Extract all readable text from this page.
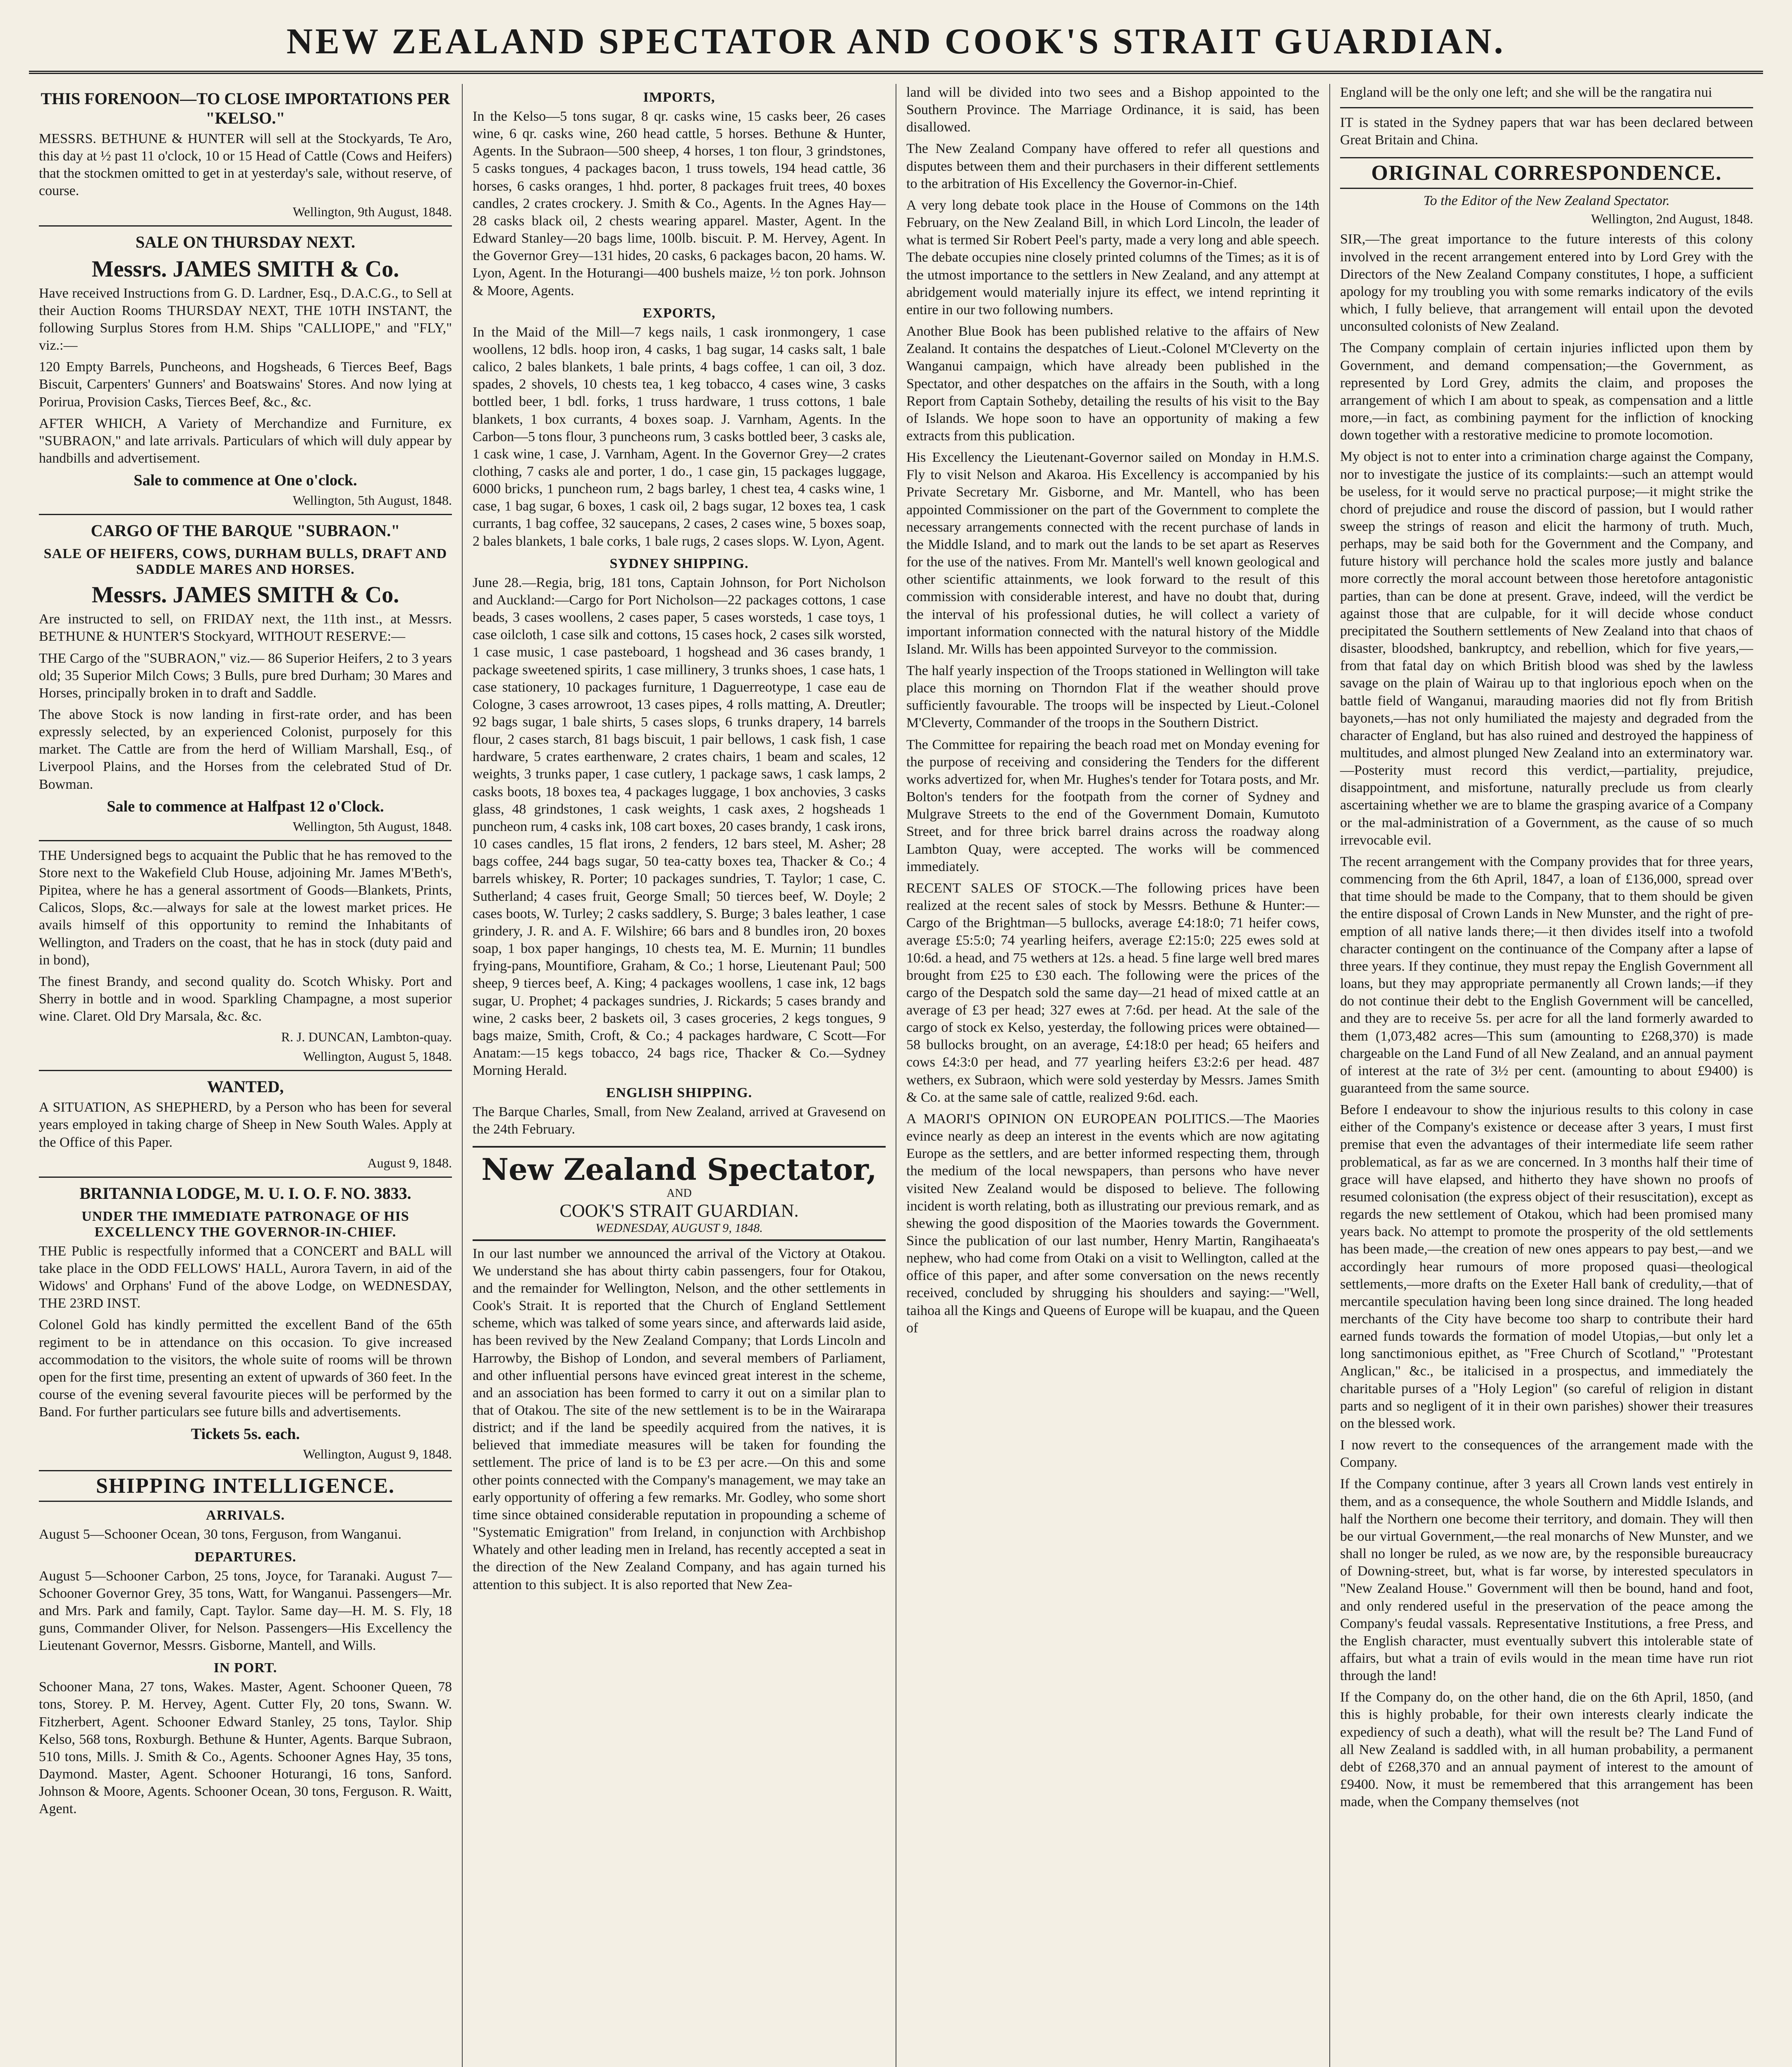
NEW ZEALAND SPECTATOR AND COOK'S STRAIT GUARDIAN.
THIS FORENOON—TO CLOSE IMPORTATIONS PER "KELSO."

MESSRS. BETHUNE & HUNTER will sell at the Stockyards, Te Aro, this day at ½ past 11 o'clock, 10 or 15 Head of Cattle (Cows and Heifers) that the stockmen omitted to get in at yesterday's sale, without reserve, of course.

Wellington, 9th August, 1848.
SALE ON THURSDAY NEXT.
Messrs. JAMES SMITH & Co.

Have received Instructions from G. D. Lardner, Esq., D.A.C.G., to Sell at their Auction Rooms THURSDAY NEXT, THE 10TH INSTANT, the following Surplus Stores from H.M. Ships "CALLIOPE," and "FLY," viz.:—

120 Empty Barrels, Puncheons, and Hogsheads, 6 Tierces Beef, Bags Biscuit, Carpenters' Gunners' and Boatswains' Stores. And now lying at Porirua, Provision Casks, Tierces Beef, &c., &c.

AFTER WHICH, A Variety of Merchandize and Furniture, ex "SUBRAON," and late arrivals. Particulars of which will duly appear by handbills and advertisement.

Sale to commence at One o'clock.
Wellington, 5th August, 1848.
CARGO OF THE BARQUE "SUBRAON."
SALE OF HEIFERS, COWS, DURHAM BULLS, DRAFT AND SADDLE MARES AND HORSES.
Messrs. JAMES SMITH & Co.

Are instructed to sell, on FRIDAY next, the 11th inst., at Messrs. BETHUNE & HUNTER'S Stockyard, WITHOUT RESERVE:—

THE Cargo of the "SUBRAON," viz.— 86 Superior Heifers, 2 to 3 years old; 35 Superior Milch Cows; 3 Bulls, pure bred Durham; 30 Mares and Horses, principally broken in to draft and Saddle.

The above Stock is now landing in first-rate order, and has been expressly selected, by an experienced Colonist, purposely for this market. The Cattle are from the herd of William Marshall, Esq., of Liverpool Plains, and the Horses from the celebrated Stud of Dr. Bowman.

Sale to commence at Halfpast 12 o'Clock.
Wellington, 5th August, 1848.

THE Undersigned begs to acquaint the Public that he has removed to the Store next to the Wakefield Club House, adjoining Mr. James M'Beth's, Pipitea, where he has a general assortment of Goods—Blankets, Prints, Calicos, Slops, &c.—always for sale at the lowest market prices. He avails himself of this opportunity to remind the Inhabitants of Wellington, and Traders on the coast, that he has in stock (duty paid and in bond),

The finest Brandy, and second quality do. Scotch Whisky. Port and Sherry in bottle and in wood. Sparkling Champagne, a most superior wine. Claret. Old Dry Marsala, &c. &c.

R. J. DUNCAN, Lambton-quay.
Wellington, August 5, 1848.
WANTED,

A SITUATION, AS SHEPHERD, by a Person who has been for several years employed in taking charge of Sheep in New South Wales. Apply at the Office of this Paper.

August 9, 1848.
BRITANNIA LODGE, M. U. I. O. F. NO. 3833.
UNDER THE IMMEDIATE PATRONAGE OF HIS EXCELLENCY THE GOVERNOR-IN-CHIEF.

THE Public is respectfully informed that a CONCERT and BALL will take place in the ODD FELLOWS' HALL, Aurora Tavern, in aid of the Widows' and Orphans' Fund of the above Lodge, on WEDNESDAY, THE 23RD INST.

Colonel Gold has kindly permitted the excellent Band of the 65th regiment to be in attendance on this occasion. To give increased accommodation to the visitors, the whole suite of rooms will be thrown open for the first time, presenting an extent of upwards of 360 feet. In the course of the evening several favourite pieces will be performed by the Band. For further particulars see future bills and advertisements.

Tickets 5s. each.
Wellington, August 9, 1848.
SHIPPING INTELLIGENCE.
ARRIVALS.

August 5—Schooner Ocean, 30 tons, Ferguson, from Wanganui.

DEPARTURES.

August 5—Schooner Carbon, 25 tons, Joyce, for Taranaki. August 7—Schooner Governor Grey, 35 tons, Watt, for Wanganui. Passengers—Mr. and Mrs. Park and family, Capt. Taylor. Same day—H. M. S. Fly, 18 guns, Commander Oliver, for Nelson. Passengers—His Excellency the Lieutenant Governor, Messrs. Gisborne, Mantell, and Wills.

IN PORT.

Schooner Mana, 27 tons, Wakes. Master, Agent. Schooner Queen, 78 tons, Storey. P. M. Hervey, Agent. Cutter Fly, 20 tons, Swann. W. Fitzherbert, Agent. Schooner Edward Stanley, 25 tons, Taylor. Ship Kelso, 568 tons, Roxburgh. Bethune & Hunter, Agents. Barque Subraon, 510 tons, Mills. J. Smith & Co., Agents. Schooner Agnes Hay, 35 tons, Daymond. Master, Agent. Schooner Hoturangi, 16 tons, Sanford. Johnson & Moore, Agents. Schooner Ocean, 30 tons, Ferguson. R. Waitt, Agent.

IMPORTS,

In the Kelso—5 tons sugar, 8 qr. casks wine, 15 casks beer, 26 cases wine, 6 qr. casks wine, 260 head cattle, 5 horses. Bethune & Hunter, Agents. In the Subraon—500 sheep, 4 horses, 1 ton flour, 3 grindstones, 5 casks tongues, 4 packages bacon, 1 truss towels, 194 head cattle, 36 horses, 6 casks oranges, 1 hhd. porter, 8 packages fruit trees, 40 boxes candles, 2 crates crockery. J. Smith & Co., Agents. In the Agnes Hay—28 casks black oil, 2 chests wearing apparel. Master, Agent. In the Edward Stanley—20 bags lime, 100lb. biscuit. P. M. Hervey, Agent. In the Governor Grey—131 hides, 20 casks, 6 packages bacon, 20 hams. W. Lyon, Agent. In the Hoturangi—400 bushels maize, ½ ton pork. Johnson & Moore, Agents.

EXPORTS,

In the Maid of the Mill—7 kegs nails, 1 cask ironmongery, 1 case woollens, 12 bdls. hoop iron, 4 casks, 1 bag sugar, 14 casks salt, 1 bale calico, 2 bales blankets, 1 bale prints, 4 bags coffee, 1 can oil, 3 doz. spades, 2 shovels, 10 chests tea, 1 keg tobacco, 4 cases wine, 3 casks bottled beer, 1 bdl. forks, 1 truss hardware, 1 truss cottons, 1 bale blankets, 1 box currants, 4 boxes soap. J. Varnham, Agents. In the Carbon—5 tons flour, 3 puncheons rum, 3 casks bottled beer, 3 casks ale, 1 cask wine, 1 case, J. Varnham, Agent. In the Governor Grey—2 crates clothing, 7 casks ale and porter, 1 do., 1 case gin, 15 packages luggage, 6000 bricks, 1 puncheon rum, 2 bags barley, 1 chest tea, 4 casks wine, 1 case, 1 bag sugar, 6 boxes, 1 cask oil, 2 bags sugar, 12 boxes tea, 1 cask currants, 1 bag coffee, 32 saucepans, 2 cases, 2 cases wine, 5 boxes soap, 2 bales blankets, 1 bale corks, 1 bale rugs, 2 cases slops. W. Lyon, Agent.

SYDNEY SHIPPING.

June 28.—Regia, brig, 181 tons, Captain Johnson, for Port Nicholson and Auckland:—Cargo for Port Nicholson—22 packages cottons, 1 case beads, 3 cases woollens, 2 cases paper, 5 cases worsteds, 1 case toys, 1 case oilcloth, 1 case silk and cottons, 15 cases hock, 2 cases silk worsted, 1 case music, 1 case pasteboard, 1 hogshead and 36 cases brandy, 1 package sweetened spirits, 1 case millinery, 3 trunks shoes, 1 case hats, 1 case stationery, 10 packages furniture, 1 Daguerreotype, 1 case eau de Cologne, 3 cases arrowroot, 13 cases pipes, 4 rolls matting, A. Dreutler; 92 bags sugar, 1 bale shirts, 5 cases slops, 6 trunks drapery, 14 barrels flour, 2 cases starch, 81 bags biscuit, 1 pair bellows, 1 cask fish, 1 case hardware, 5 crates earthenware, 2 crates chairs, 1 beam and scales, 12 weights, 3 trunks paper, 1 case cutlery, 1 package saws, 1 cask lamps, 2 casks boots, 18 boxes tea, 4 packages luggage, 1 box anchovies, 3 casks glass, 48 grindstones, 1 cask weights, 1 cask axes, 2 hogsheads 1 puncheon rum, 4 casks ink, 108 cart boxes, 20 cases brandy, 1 cask irons, 10 cases candles, 15 flat irons, 2 fenders, 12 bars steel, M. Asher; 28 bags coffee, 244 bags sugar, 50 tea-catty boxes tea, Thacker & Co.; 4 barrels whiskey, R. Porter; 10 packages sundries, T. Taylor; 1 case, C. Sutherland; 4 cases fruit, George Small; 50 tierces beef, W. Doyle; 2 cases boots, W. Turley; 2 casks saddlery, S. Burge; 3 bales leather, 1 case grindery, J. R. and A. F. Wilshire; 66 bars and 8 bundles iron, 20 boxes soap, 1 box paper hangings, 10 chests tea, M. E. Murnin; 11 bundles frying-pans, Mountifiore, Graham, & Co.; 1 horse, Lieutenant Paul; 500 sheep, 9 tierces beef, A. King; 4 packages woollens, 1 case ink, 12 bags sugar, U. Prophet; 4 packages sundries, J. Rickards; 5 cases brandy and wine, 2 casks beer, 2 baskets oil, 3 cases groceries, 2 kegs tongues, 9 bags maize, Smith, Croft, & Co.; 4 packages hardware, C Scott—For Anatam:—15 kegs tobacco, 24 bags rice, Thacker & Co.—Sydney Morning Herald.

ENGLISH SHIPPING.

The Barque Charles, Small, from New Zealand, arrived at Gravesend on the 24th February.

New Zealand Spectator,
AND
COOK'S STRAIT GUARDIAN.
WEDNESDAY, AUGUST 9, 1848.

In our last number we announced the arrival of the Victory at Otakou. We understand she has about thirty cabin passengers, four for Otakou, and the remainder for Wellington, Nelson, and the other settlements in Cook's Strait. It is reported that the Church of England Settlement scheme, which was talked of some years since, and afterwards laid aside, has been revived by the New Zealand Company; that Lords Lincoln and Harrowby, the Bishop of London, and several members of Parliament, and other influential persons have evinced great interest in the scheme, and an association has been formed to carry it out on a similar plan to that of Otakou. The site of the new settlement is to be in the Wairarapa district; and if the land be speedily acquired from the natives, it is believed that immediate measures will be taken for founding the settlement. The price of land is to be £3 per acre.—On this and some other points connected with the Company's management, we may take an early opportunity of offering a few remarks. Mr. Godley, who some short time since obtained considerable reputation in propounding a scheme of "Systematic Emigration" from Ireland, in conjunction with Archbishop Whately and other leading men in Ireland, has recently accepted a seat in the direction of the New Zealand Company, and has again turned his attention to this subject. It is also reported that New Zea-

land will be divided into two sees and a Bishop appointed to the Southern Province. The Marriage Ordinance, it is said, has been disallowed.

The New Zealand Company have offered to refer all questions and disputes between them and their purchasers in their different settlements to the arbitration of His Excellency the Governor-in-Chief.

A very long debate took place in the House of Commons on the 14th February, on the New Zealand Bill, in which Lord Lincoln, the leader of what is termed Sir Robert Peel's party, made a very long and able speech. The debate occupies nine closely printed columns of the Times; as it is of the utmost importance to the settlers in New Zealand, and any attempt at abridgement would materially injure its effect, we intend reprinting it entire in our two following numbers.

Another Blue Book has been published relative to the affairs of New Zealand. It contains the despatches of Lieut.-Colonel M'Cleverty on the Wanganui campaign, which have already been published in the Spectator, and other despatches on the affairs in the South, with a long Report from Captain Sotheby, detailing the results of his visit to the Bay of Islands. We hope soon to have an opportunity of making a few extracts from this publication.

His Excellency the Lieutenant-Governor sailed on Monday in H.M.S. Fly to visit Nelson and Akaroa. His Excellency is accompanied by his Private Secretary Mr. Gisborne, and Mr. Mantell, who has been appointed Commissioner on the part of the Government to complete the necessary arrangements connected with the recent purchase of lands in the Middle Island, and to mark out the lands to be set apart as Reserves for the use of the natives. From Mr. Mantell's well known geological and other scientific attainments, we look forward to the result of this commission with considerable interest, and have no doubt that, during the interval of his professional duties, he will collect a variety of important information connected with the natural history of the Middle Island. Mr. Wills has been appointed Surveyor to the commission.

The half yearly inspection of the Troops stationed in Wellington will take place this morning on Thorndon Flat if the weather should prove sufficiently favourable. The troops will be inspected by Lieut.-Colonel M'Cleverty, Commander of the troops in the Southern District.

The Committee for repairing the beach road met on Monday evening for the purpose of receiving and considering the Tenders for the different works advertized for, when Mr. Hughes's tender for Totara posts, and Mr. Bolton's tenders for the footpath from the corner of Sydney and Mulgrave Streets to the end of the Government Domain, Kumutoto Street, and for three brick barrel drains across the roadway along Lambton Quay, were accepted. The works will be commenced immediately.

RECENT SALES OF STOCK.—The following prices have been realized at the recent sales of stock by Messrs. Bethune & Hunter:—Cargo of the Brightman—5 bullocks, average £4:18:0; 71 heifer cows, average £5:5:0; 74 yearling heifers, average £2:15:0; 225 ewes sold at 10:6d. a head, and 75 wethers at 12s. a head. 5 fine large well bred mares brought from £25 to £30 each. The following were the prices of the cargo of the Despatch sold the same day—21 head of mixed cattle at an average of £3 per head; 327 ewes at 7:6d. per head. At the sale of the cargo of stock ex Kelso, yesterday, the following prices were obtained—58 bullocks brought, on an average, £4:18:0 per head; 65 heifers and cows £4:3:0 per head, and 77 yearling heifers £3:2:6 per head. 487 wethers, ex Subraon, which were sold yesterday by Messrs. James Smith & Co. at the same sale of cattle, realized 9:6d. each.

A MAORI'S OPINION ON EUROPEAN POLITICS.—The Maories evince nearly as deep an interest in the events which are now agitating Europe as the settlers, and are better informed respecting them, through the medium of the local newspapers, than persons who have never visited New Zealand would be disposed to believe. The following incident is worth relating, both as illustrating our previous remark, and as shewing the good disposition of the Maories towards the Government. Since the publication of our last number, Henry Martin, Rangihaeata's nephew, who had come from Otaki on a visit to Wellington, called at the office of this paper, and after some conversation on the news recently received, concluded by shrugging his shoulders and saying:—"Well, taihoa all the Kings and Queens of Europe will be kuapau, and the Queen of

England will be the only one left; and she will be the rangatira nui

IT is stated in the Sydney papers that war has been declared between Great Britain and China.

ORIGINAL CORRESPONDENCE.
To the Editor of the New Zealand Spectator.
Wellington, 2nd August, 1848.

SIR,—The great importance to the future interests of this colony involved in the recent arrangement entered into by Lord Grey with the Directors of the New Zealand Company constitutes, I hope, a sufficient apology for my troubling you with some remarks indicatory of the evils which, I fully believe, that arrangement will entail upon the devoted unconsulted colonists of New Zealand.

The Company complain of certain injuries inflicted upon them by Government, and demand compensation;—the Government, as represented by Lord Grey, admits the claim, and proposes the arrangement of which I am about to speak, as compensation and a little more,—in fact, as combining payment for the infliction of knocking down together with a restorative medicine to promote locomotion.

My object is not to enter into a crimination charge against the Company, nor to investigate the justice of its complaints:—such an attempt would be useless, for it would serve no practical purpose;—it might strike the chord of prejudice and rouse the discord of passion, but I would rather sweep the strings of reason and elicit the harmony of truth. Much, perhaps, may be said both for the Government and the Company, and future history will perchance hold the scales more justly and balance more correctly the moral account between those heretofore antagonistic parties, than can be done at present. Grave, indeed, will the verdict be against those that are culpable, for it will decide whose conduct precipitated the Southern settlements of New Zealand into that chaos of disaster, bloodshed, bankruptcy, and rebellion, which for five years,—from that fatal day on which British blood was shed by the lawless savage on the plain of Wairau up to that inglorious epoch when on the battle field of Wanganui, marauding maories did not fly from British bayonets,—has not only humiliated the majesty and degraded from the character of England, but has also ruined and destroyed the happiness of multitudes, and almost plunged New Zealand into an exterminatory war.—Posterity must record this verdict,—partiality, prejudice, disappointment, and misfortune, naturally preclude us from clearly ascertaining whether we are to blame the grasping avarice of a Company or the mal-administration of a Government, as the cause of so much irrevocable evil.

The recent arrangement with the Company provides that for three years, commencing from the 6th April, 1847, a loan of £136,000, spread over that time should be made to the Company, that to them should be given the entire disposal of Crown Lands in New Munster, and the right of pre-emption of all native lands there;—it then divides itself into a twofold character contingent on the continuance of the Company after a lapse of three years. If they continue, they must repay the English Government all loans, but they may appropriate permanently all Crown lands;—if they do not continue their debt to the English Government will be cancelled, and they are to receive 5s. per acre for all the land formerly awarded to them (1,073,482 acres—This sum (amounting to £268,370) is made chargeable on the Land Fund of all New Zealand, and an annual payment of interest at the rate of 3½ per cent. (amounting to about £9400) is guaranteed from the same source.

Before I endeavour to show the injurious results to this colony in case either of the Company's existence or decease after 3 years, I must first premise that even the advantages of their intermediate life seem rather problematical, as far as we are concerned. In 3 months half their time of grace will have elapsed, and hitherto they have shown no proofs of resumed colonisation (the express object of their resuscitation), except as regards the new settlement of Otakou, which had been promised many years back. No attempt to promote the prosperity of the old settlements has been made,—the creation of new ones appears to pay best,—and we accordingly hear rumours of more proposed quasi—theological settlements,—more drafts on the Exeter Hall bank of credulity,—that of mercantile speculation having been long since drained. The long headed merchants of the City have become too sharp to contribute their hard earned funds towards the formation of model Utopias,—but only let a long sanctimonious epithet, as "Free Church of Scotland," "Protestant Anglican," &c., be italicised in a prospectus, and immediately the charitable purses of a "Holy Legion" (so careful of religion in distant parts and so negligent of it in their own parishes) shower their treasures on the blessed work.

I now revert to the consequences of the arrangement made with the Company.

If the Company continue, after 3 years all Crown lands vest entirely in them, and as a consequence, the whole Southern and Middle Islands, and half the Northern one become their territory, and domain. They will then be our virtual Government,—the real monarchs of New Munster, and we shall no longer be ruled, as we now are, by the responsible bureaucracy of Downing-street, but, what is far worse, by interested speculators in "New Zealand House." Government will then be bound, hand and foot, and only rendered useful in the preservation of the peace among the Company's feudal vassals. Representative Institutions, a free Press, and the English character, must eventually subvert this intolerable state of affairs, but what a train of evils would in the mean time have run riot through the land!

If the Company do, on the other hand, die on the 6th April, 1850, (and this is highly probable, for their own interests clearly indicate the expediency of such a death), what will the result be? The Land Fund of all New Zealand is saddled with, in all human probability, a permanent debt of £268,370 and an annual payment of interest to the amount of £9400. Now, it must be remembered that this arrangement has been made, when the Company themselves (not
